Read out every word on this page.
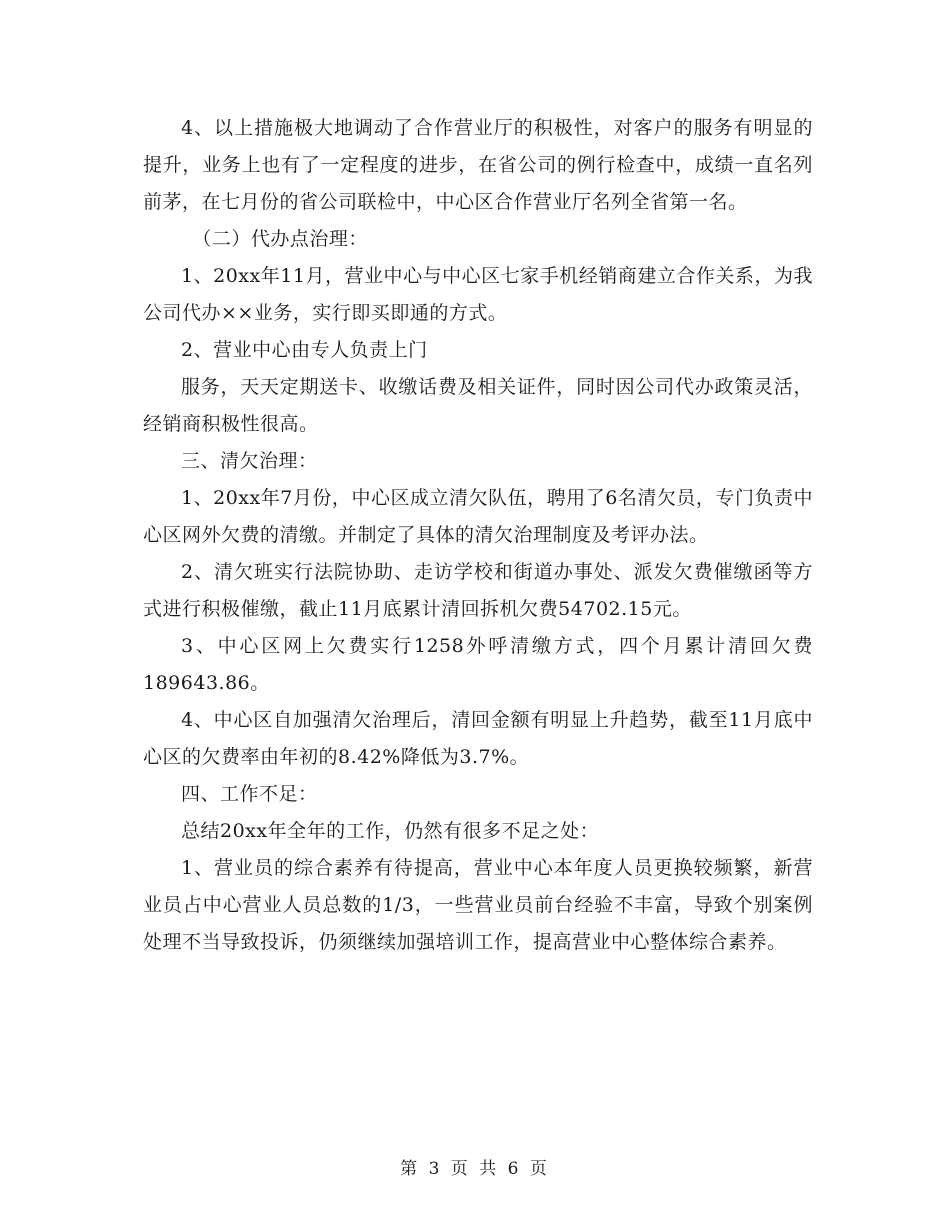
4、以上措施极大地调动了合作营业厅的积极性，对客户的服务有明显的提升，业务上也有了一定程度的进步，在省公司的例行检查中，成绩一直名列前茅，在七月份的省公司联检中，中心区合作营业厅名列全省第一名。

（二）代办点治理：

1、20xx年11月，营业中心与中心区七家手机经销商建立合作关系，为我公司代办××业务，实行即买即通的方式。

2、营业中心由专人负责上门

服务，天天定期送卡、收缴话费及相关证件，同时因公司代办政策灵活，经销商积极性很高。

三、清欠治理：

1、20xx年7月份，中心区成立清欠队伍，聘用了6名清欠员，专门负责中心区网外欠费的清缴。并制定了具体的清欠治理制度及考评办法。

2、清欠班实行法院协助、走访学校和街道办事处、派发欠费催缴函等方式进行积极催缴，截止11月底累计清回拆机欠费54702.15元。

3、中心区网上欠费实行1258外呼清缴方式，四个月累计清回欠费189643.86。

4、中心区自加强清欠治理后，清回金额有明显上升趋势，截至11月底中心区的欠费率由年初的8.42%降低为3.7%。

四、工作不足：

总结20xx年全年的工作，仍然有很多不足之处：

1、营业员的综合素养有待提高，营业中心本年度人员更换较频繁，新营业员占中心营业人员总数的1/3，一些营业员前台经验不丰富，导致个别案例处理不当导致投诉，仍须继续加强培训工作，提高营业中心整体综合素养。

第 3 页 共 6 页
